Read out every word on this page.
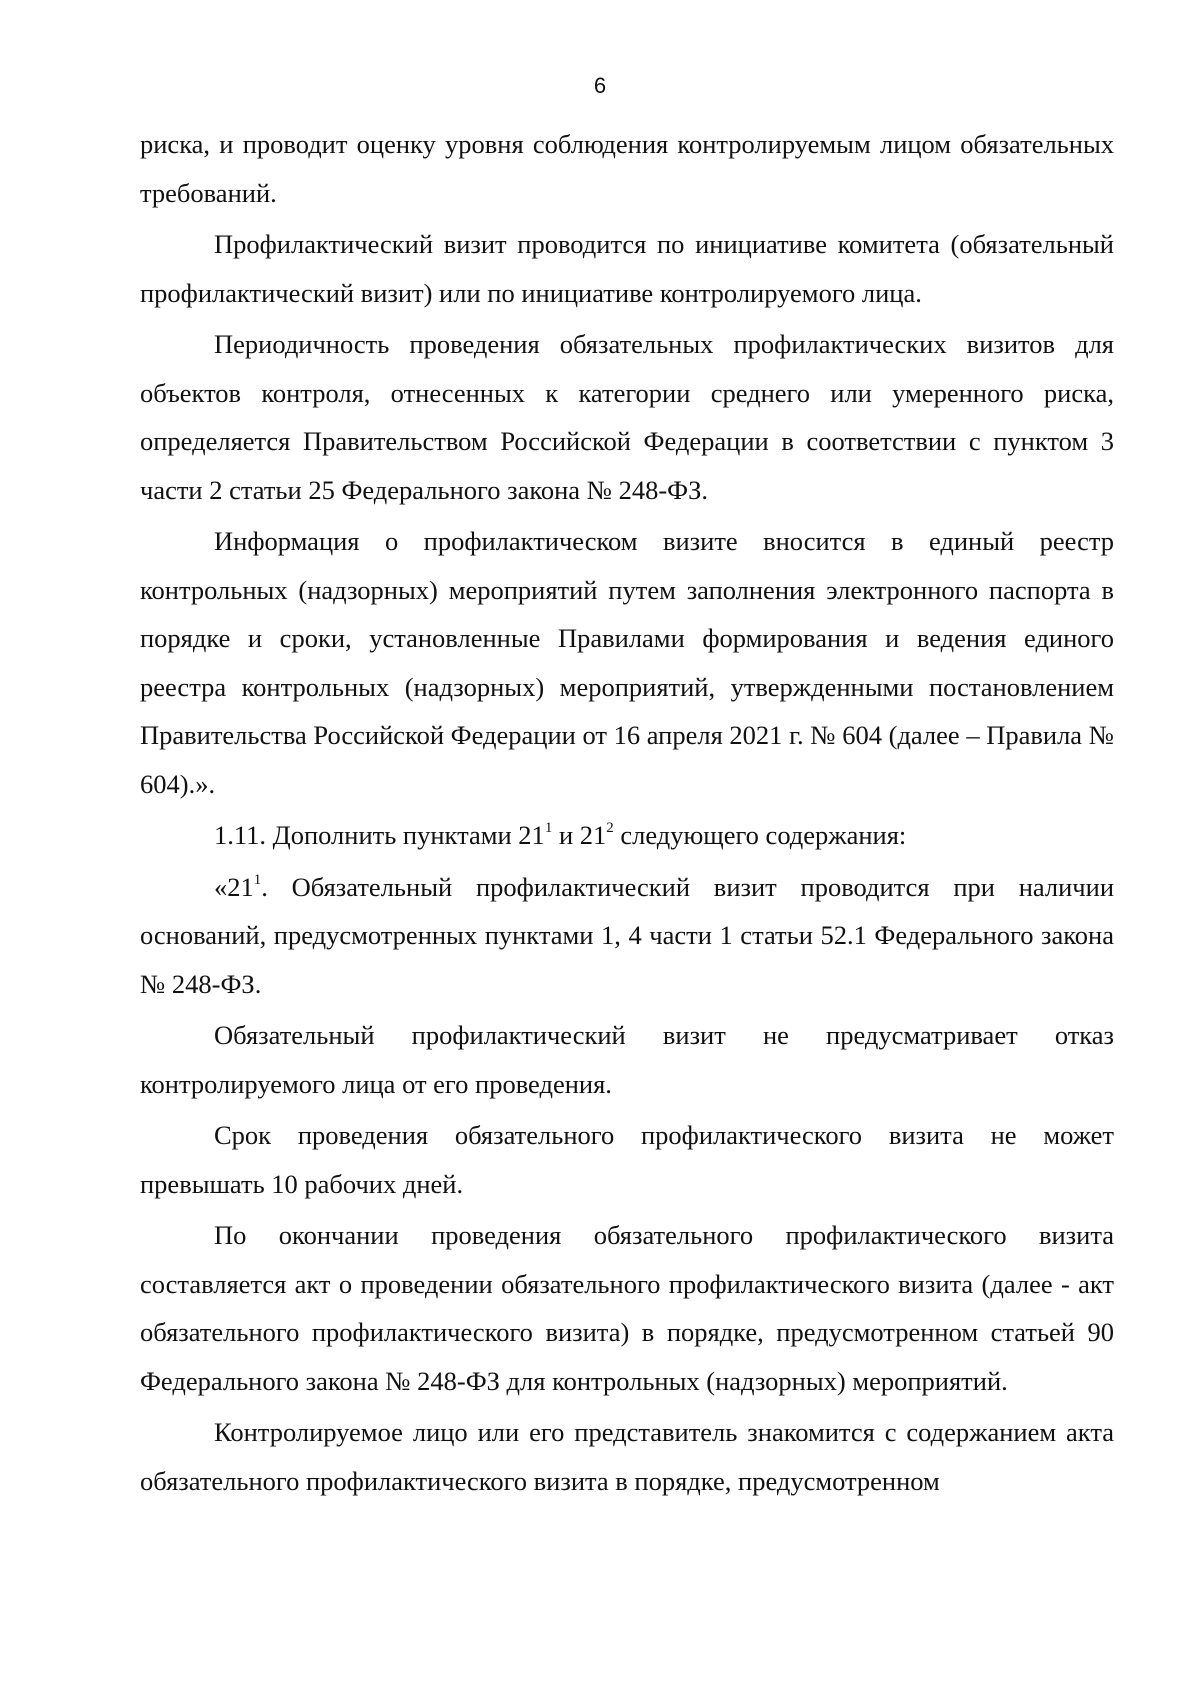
6

риска, и проводит оценку уровня соблюдения контролируемым лицом обязательных требований.

Профилактический визит проводится по инициативе комитета (обязательный профилактический визит) или по инициативе контролируемого лица.

Периодичность проведения обязательных профилактических визитов для объектов контроля, отнесенных к категории среднего или умеренного риска, определяется Правительством Российской Федерации в соответствии с пунктом 3 части 2 статьи 25 Федерального закона № 248-ФЗ.

Информация о профилактическом визите вносится в единый реестр контрольных (надзорных) мероприятий путем заполнения электронного паспорта в порядке и сроки, установленные Правилами формирования и ведения единого реестра контрольных (надзорных) мероприятий, утвержденными постановлением Правительства Российской Федерации от 16 апреля 2021 г. № 604 (далее – Правила № 604).».

1.11. Дополнить пунктами $21^1$ и $21^2$ следующего содержания:

«$21^1$. Обязательный профилактический визит проводится при наличии оснований, предусмотренных пунктами 1, 4 части 1 статьи 52.1 Федерального закона № 248-ФЗ.

Обязательный профилактический визит не предусматривает отказ контролируемого лица от его проведения.

Срок проведения обязательного профилактического визита не может превышать 10 рабочих дней.

По окончании проведения обязательного профилактического визита составляется акт о проведении обязательного профилактического визита (далее - акт обязательного профилактического визита) в порядке, предусмотренном статьей 90 Федерального закона № 248-ФЗ для контрольных (надзорных) мероприятий.

Контролируемое лицо или его представитель знакомится с содержанием акта обязательного профилактического визита в порядке, предусмотренном
